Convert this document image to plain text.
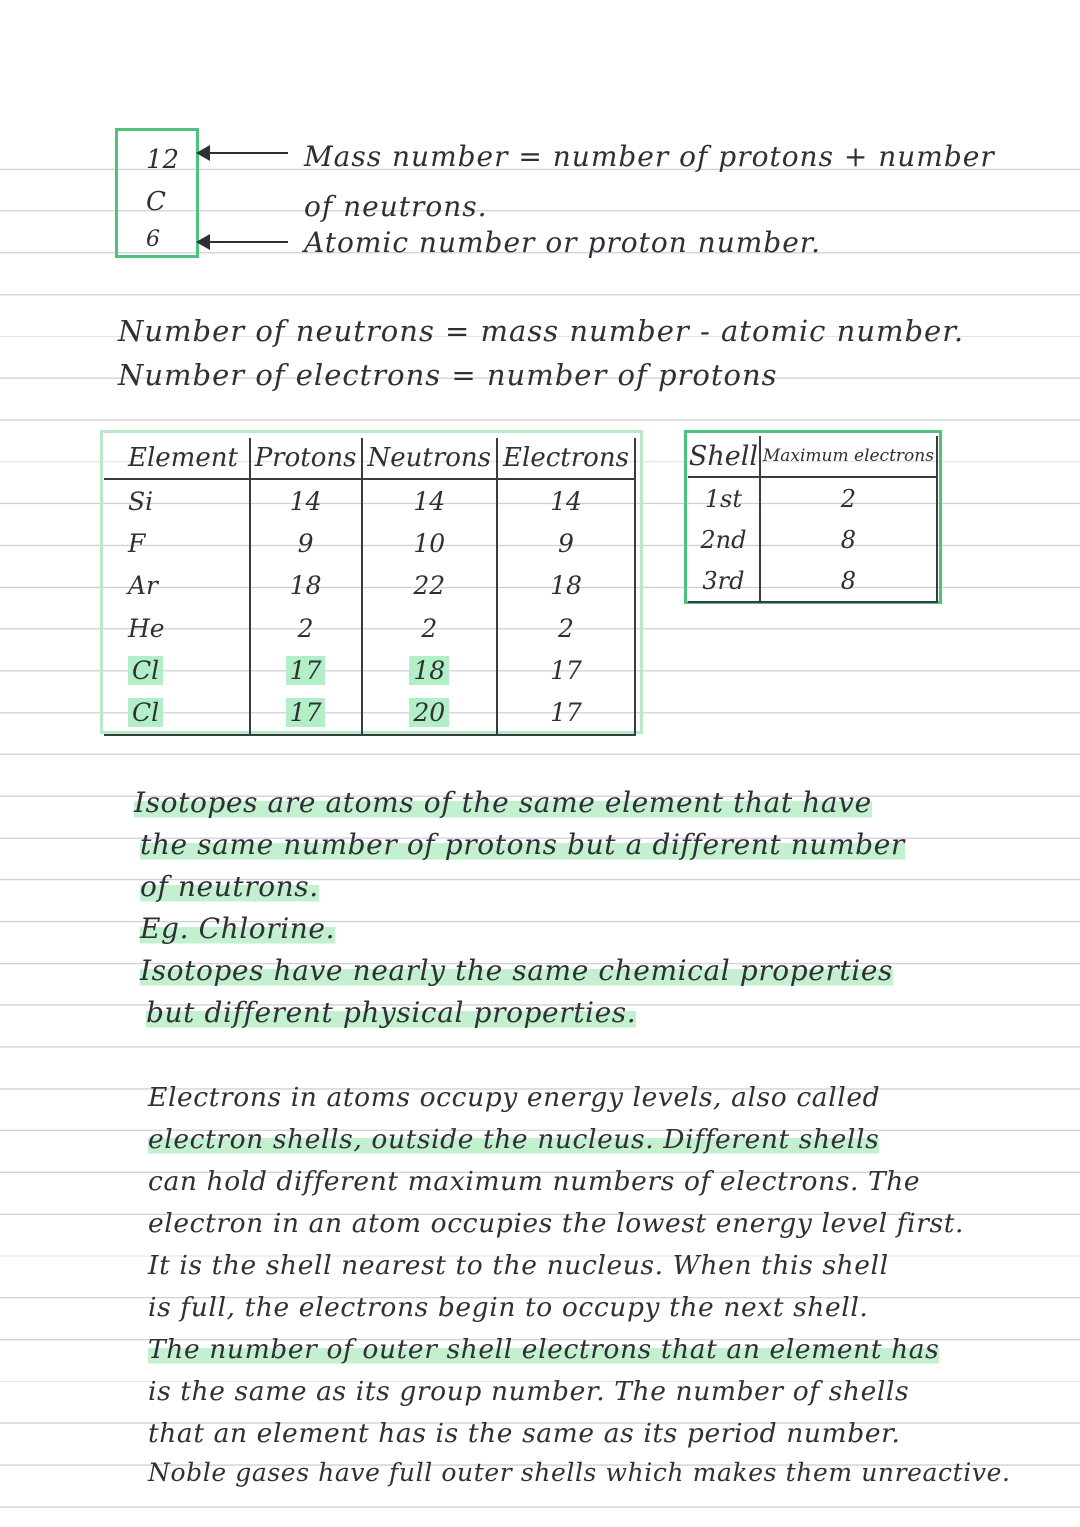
12
C
6
Mass number = number of protons + number
of neutrons.
Atomic number or proton number.
Number of neutrons = mass number - atomic number.
Number of electrons = number of protons
Element	Protons	Neutrons	Electrons
Si	14	14	14
F	9	10	9
Ar	18	22	18
He	2	2	2
Cl	17	18	17
Cl	17	20	17
Shell	Maximum electrons
1st	2
2nd	8
3rd	8
Isotopes are atoms of the same element that have
the same number of protons but a different number
of neutrons.
Eg. Chlorine.
Isotopes have nearly the same chemical properties
but different physical properties.
Electrons in atoms occupy energy levels, also called
electron shells, outside the nucleus. Different shells
can hold different maximum numbers of electrons. The
electron in an atom occupies the lowest energy level first.
It is the shell nearest to the nucleus. When this shell
is full, the electrons begin to occupy the next shell.
The number of outer shell electrons that an element has
is the same as its group number. The number of shells
that an element has is the same as its period number.
Noble gases have full outer shells which makes them unreactive.
